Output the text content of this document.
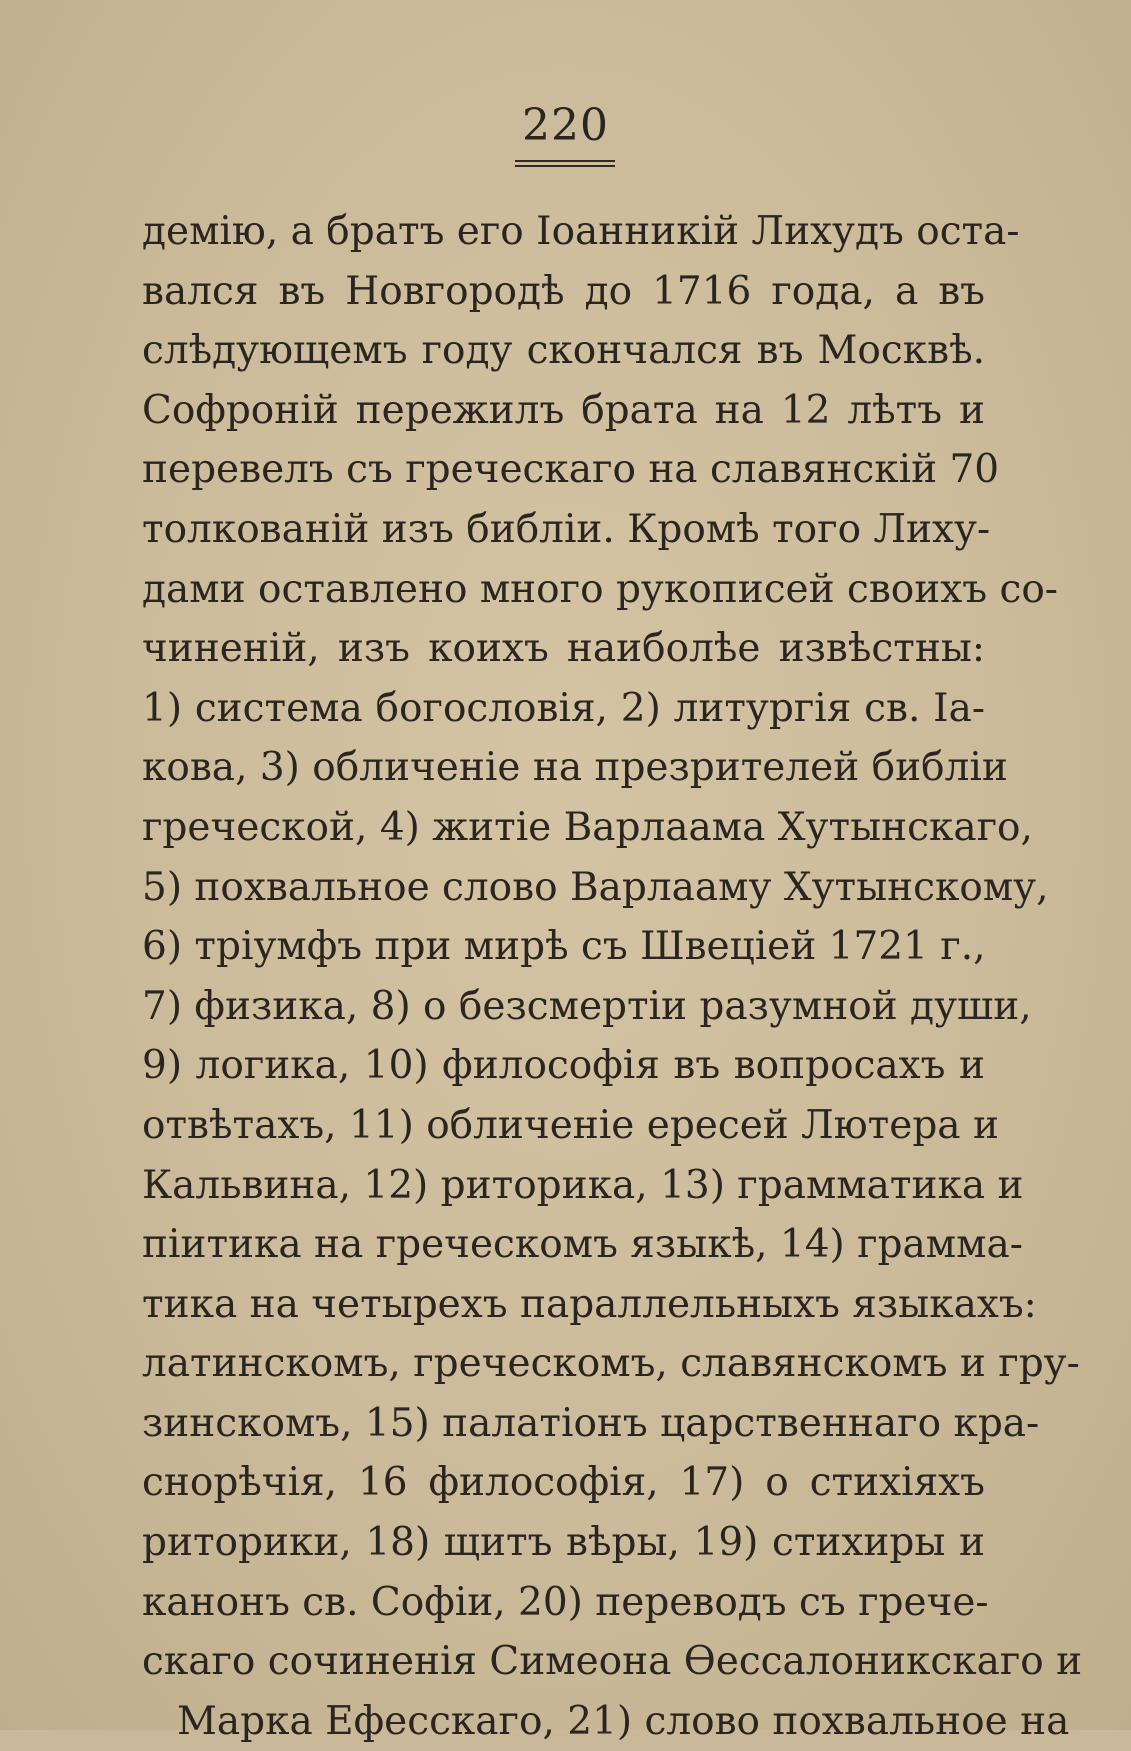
220
демію, а братъ его Іоанникій Лихудъ оста-
вался въ Новгородѣ до 1716 года, а въ
слѣдующемъ году скончался въ Москвѣ.
Софроній пережилъ брата на 12 лѣтъ и
перевелъ съ греческаго на славянскій 70
толкованій изъ библіи. Кромѣ того Лиху-
дами оставлено много рукописей своихъ со-
чиненій, изъ коихъ наиболѣе извѣстны:
1) система богословія, 2) литургія св. Іа-
кова, 3) обличеніе на презрителей библіи
греческой, 4) житіе Варлаама Хутынскаго,
5) похвальное слово Варлааму Хутынскому,
6) тріумфъ при мирѣ съ Швеціей 1721 г.,
7) физика, 8) о безсмертіи разумной души,
9) логика, 10) философія въ вопросахъ и
отвѣтахъ, 11) обличеніе ересей Лютера и
Кальвина, 12) риторика, 13) грамматика и
піитика на греческомъ языкѣ, 14) грамма-
тика на четырехъ параллельныхъ языкахъ:
латинскомъ, греческомъ, славянскомъ и гру-
зинскомъ, 15) палатіонъ царственнаго кра-
снорѣчія, 16 философія, 17) о стихіяхъ
риторики, 18) щитъ вѣры, 19) стихиры и
канонъ св. Софіи, 20) переводъ съ грече-
скаго сочиненія Симеона Ѳессалоникскаго и
Марка Ефесскаго, 21) слово похвальное на
